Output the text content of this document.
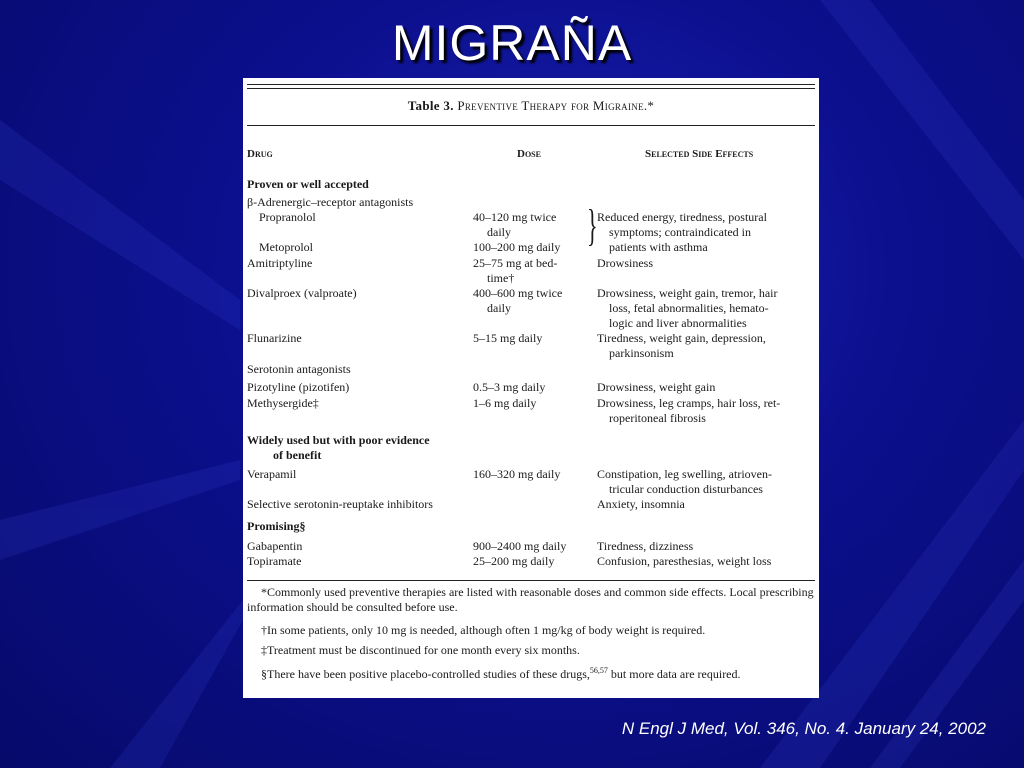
MIGRAÑA
Table 3. Preventive Therapy for Migraine.*
Drug	Dose	Selected Side Effects
Proven or well accepted
β-Adrenergic–receptor antagonists
Propranolol
Metoprolol
Amitriptyline
Divalproex (valproate)
Flunarizine
Serotonin antagonists
Pizotyline (pizotifen)
Methysergide‡
Widely used but with poor evidence
of benefit
Verapamil
Selective serotonin-reuptake inhibitors
Promising§
Gabapentin
Topiramate
40–120 mg twice
daily
100–200 mg daily
25–75 mg at bed-
time†
400–600 mg twice
daily
5–15 mg daily
0.5–3 mg daily
1–6 mg daily
160–320 mg daily
900–2400 mg daily
25–200 mg daily
} Reduced energy, tiredness, postural
symptoms; contraindicated in
patients with asthma
Drowsiness
Drowsiness, weight gain, tremor, hair
loss, fetal abnormalities, hemato-
logic and liver abnormalities
Tiredness, weight gain, depression,
parkinsonism
Drowsiness, weight gain
Drowsiness, leg cramps, hair loss, ret-
roperitoneal fibrosis
Constipation, leg swelling, atrioven-
tricular conduction disturbances
Anxiety, insomnia
Tiredness, dizziness
Confusion, paresthesias, weight loss
*Commonly used preventive therapies are listed with reasonable doses and common side effects. Local prescribing information should be consulted before use.
†In some patients, only 10 mg is needed, although often 1 mg/kg of body weight is required.
‡Treatment must be discontinued for one month every six months.
§There have been positive placebo-controlled studies of these drugs,$^{56,57}$ but more data are required.
N Engl J Med, Vol. 346, No. 4. January 24, 2002
